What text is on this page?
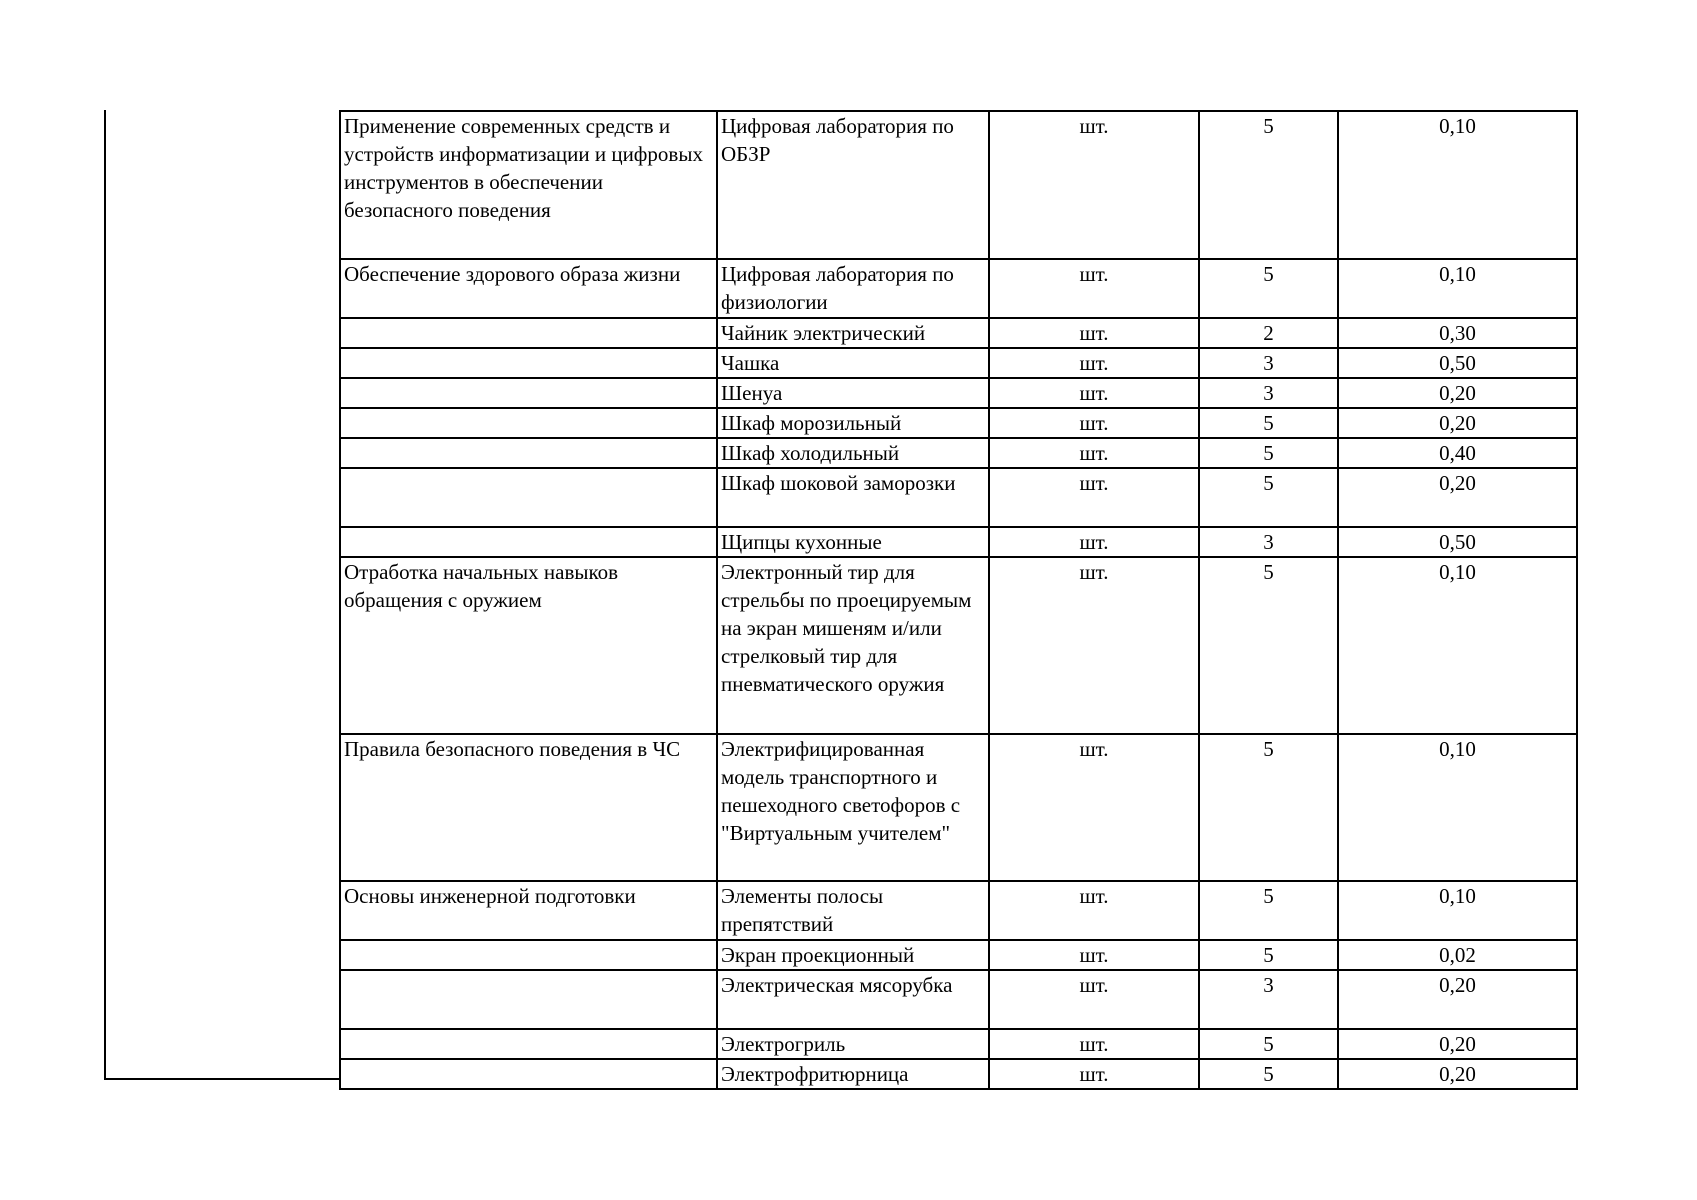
Применение современных средств и устройств информатизации и цифровых инструментов в обеспечении безопасного поведения	Цифровая лаборатория по ОБЗР	шт.	5	0,10
Обеспечение здорового образа жизни	Цифровая лаборатория по физиологии	шт.	5	0,10
	Чайник электрический	шт.	2	0,30
	Чашка	шт.	3	0,50
	Шенуа	шт.	3	0,20
	Шкаф морозильный	шт.	5	0,20
	Шкаф холодильный	шт.	5	0,40
	Шкаф шоковой заморозки	шт.	5	0,20
	Щипцы кухонные	шт.	3	0,50
Отработка начальных навыков обращения с оружием	Электронный тир для стрельбы по проецируемым на экран мишеням и/или стрелковый тир для пневматического оружия	шт.	5	0,10
Правила безопасного поведения в ЧС	Электрифицированная модель транспортного и пешеходного светофоров с "Виртуальным учителем"	шт.	5	0,10
Основы инженерной подготовки	Элементы полосы препятствий	шт.	5	0,10
	Экран проекционный	шт.	5	0,02
	Электрическая мясорубка	шт.	3	0,20
	Электрогриль	шт.	5	0,20
	Электрофритюрница	шт.	5	0,20
